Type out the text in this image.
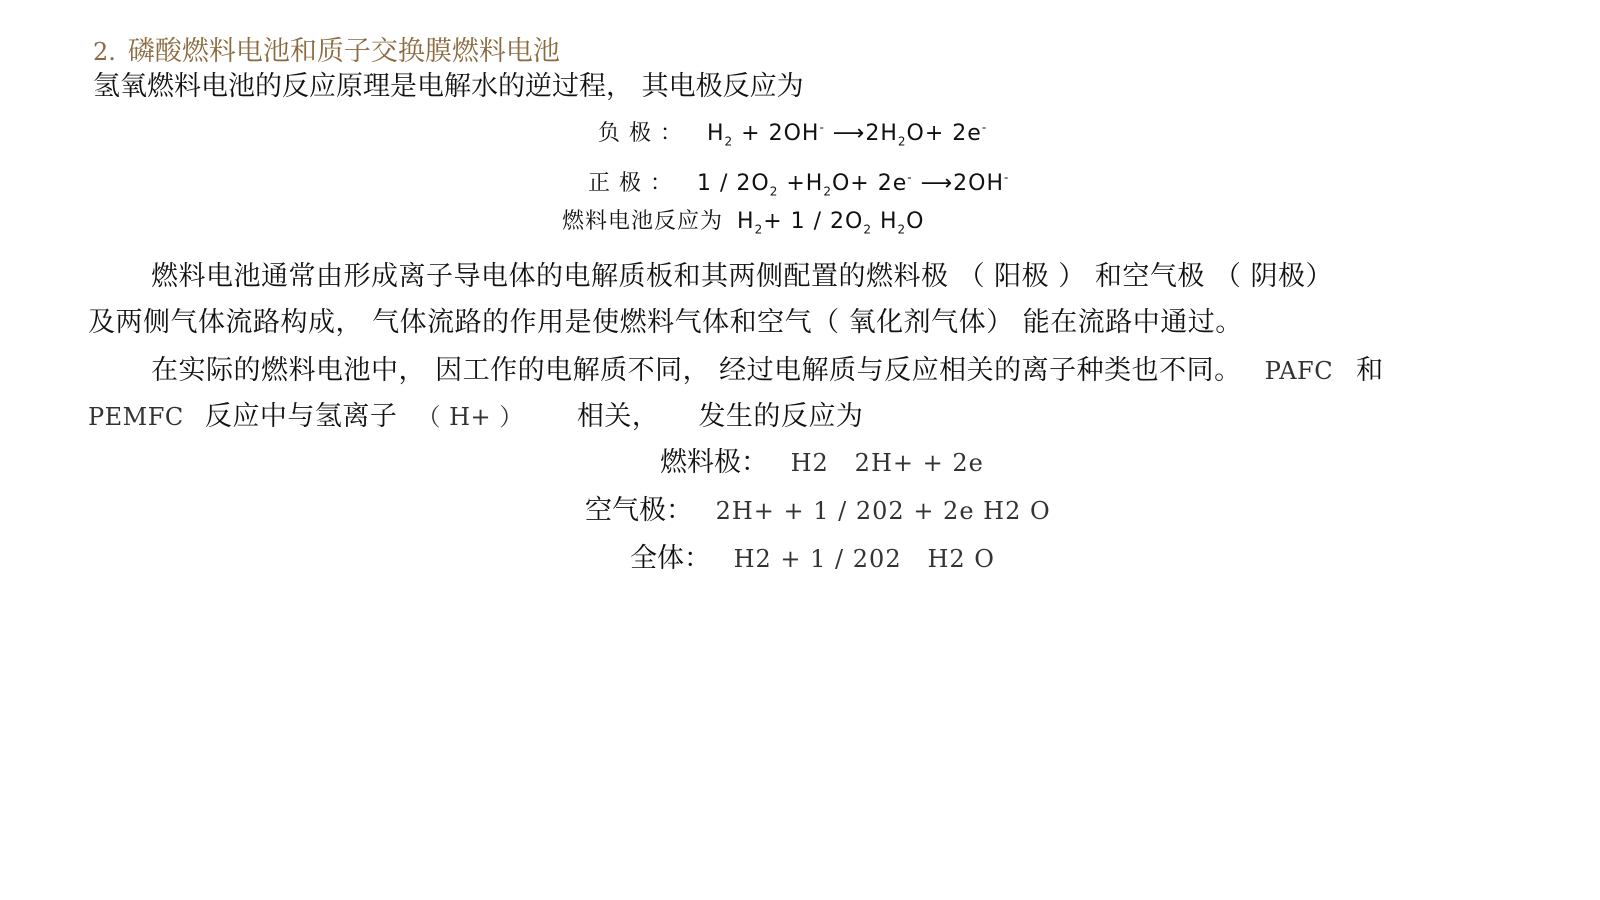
2. 磷酸燃料电池和质子交换膜燃料电池
氢氧燃料电池的反应原理是电解水的逆过程， 其电极反应为
负 极 ： $H_2 + 2OH^-$ $⟶2H_2O+ 2e^-$
正 极 ： $1 / 2O_2 +H_2O+ 2e^-$ ⟶2OH-
燃料电池反应为 $H_2+ 1 / 2O_2$ $H_2O$
燃料电池通常由形成离子导电体的电解质板和其两侧配置的燃料极 （ 阳极 ） 和空气极 （ 阴极）
及两侧气体流路构成， 气体流路的作用是使燃料气体和空气（ 氧化剂气体） 能在流路中通过。
在实际的燃料电池中， 因工作的电解质不同， 经过电解质与反应相关的离子种类也不同。 PAFC 和
PEMFC 反应中与氢离子 （ H+ ） 相关， 发生的反应为
燃料极： H2   2H+ + 2e
空气极： 2H+ + 1 / 202 + 2e H2 O
全体： H2 + 1 / 202   H2 O
